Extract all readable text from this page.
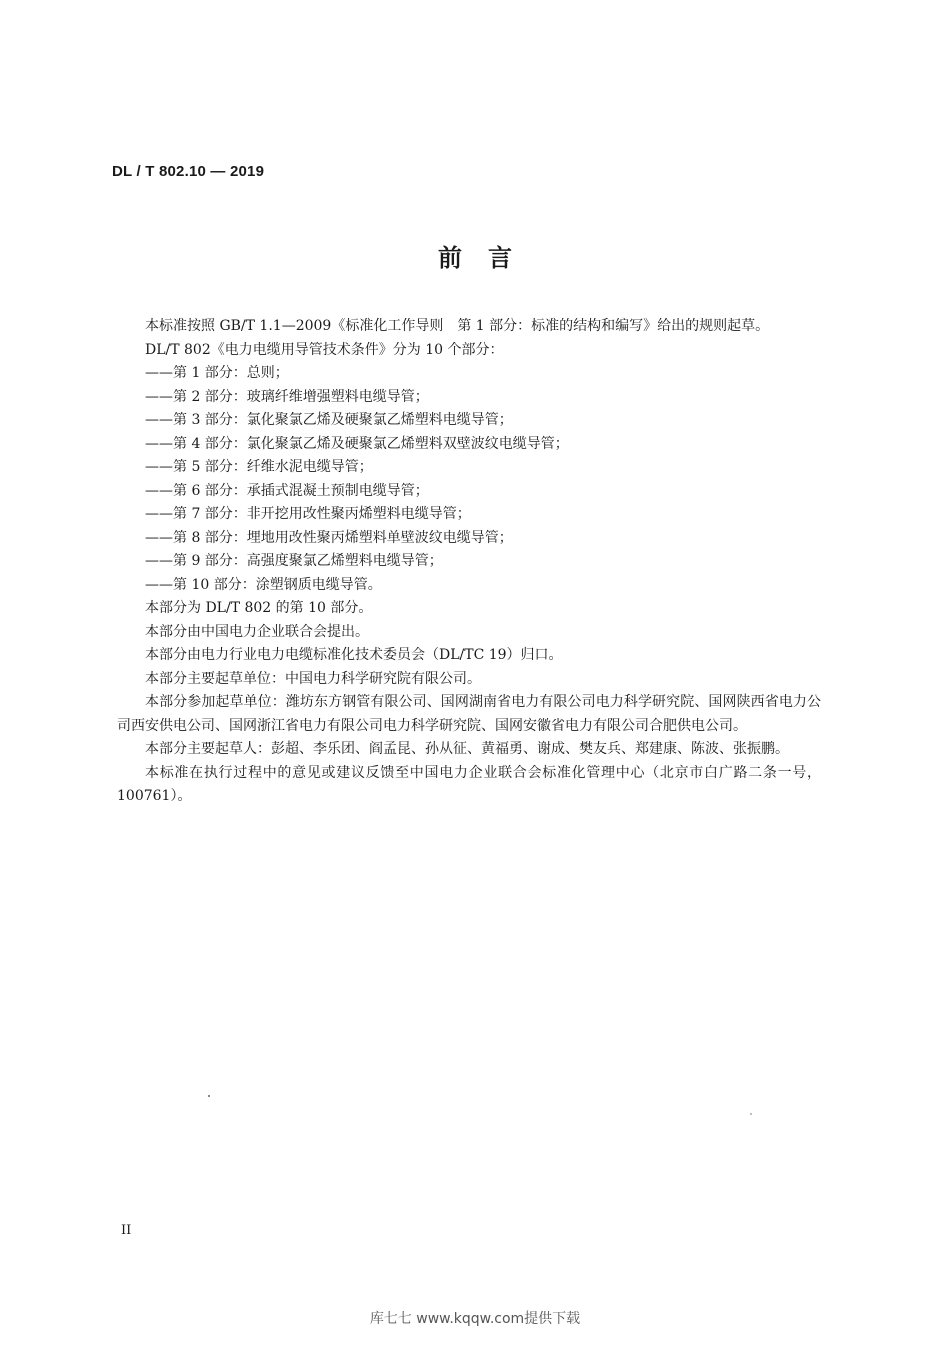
DL / T 802.10 — 2019
前言

本标准按照 GB/T 1.1—2009《标准化工作导则　第 1 部分：标准的结构和编写》给出的规则起草。

DL/T 802《电力电缆用导管技术条件》分为 10 个部分：

——第 1 部分：总则；

——第 2 部分：玻璃纤维增强塑料电缆导管；

——第 3 部分：氯化聚氯乙烯及硬聚氯乙烯塑料电缆导管；

——第 4 部分：氯化聚氯乙烯及硬聚氯乙烯塑料双壁波纹电缆导管；

——第 5 部分：纤维水泥电缆导管；

——第 6 部分：承插式混凝土预制电缆导管；

——第 7 部分：非开挖用改性聚丙烯塑料电缆导管；

——第 8 部分：埋地用改性聚丙烯塑料单壁波纹电缆导管；

——第 9 部分：高强度聚氯乙烯塑料电缆导管；

——第 10 部分：涂塑钢质电缆导管。

本部分为 DL/T 802 的第 10 部分。

本部分由中国电力企业联合会提出。

本部分由电力行业电力电缆标准化技术委员会（DL/TC 19）归口。

本部分主要起草单位：中国电力科学研究院有限公司。

本部分参加起草单位：潍坊东方钢管有限公司、国网湖南省电力有限公司电力科学研究院、国网陕西省电力公司西安供电公司、国网浙江省电力有限公司电力科学研究院、国网安徽省电力有限公司合肥供电公司。

本部分主要起草人：彭超、李乐团、阎孟昆、孙从征、黄福勇、谢成、樊友兵、郑建康、陈波、张振鹏。

本标准在执行过程中的意见或建议反馈至中国电力企业联合会标准化管理中心（北京市白广路二条一号，100761）。

II
库七七 www.kqqw.com提供下载
